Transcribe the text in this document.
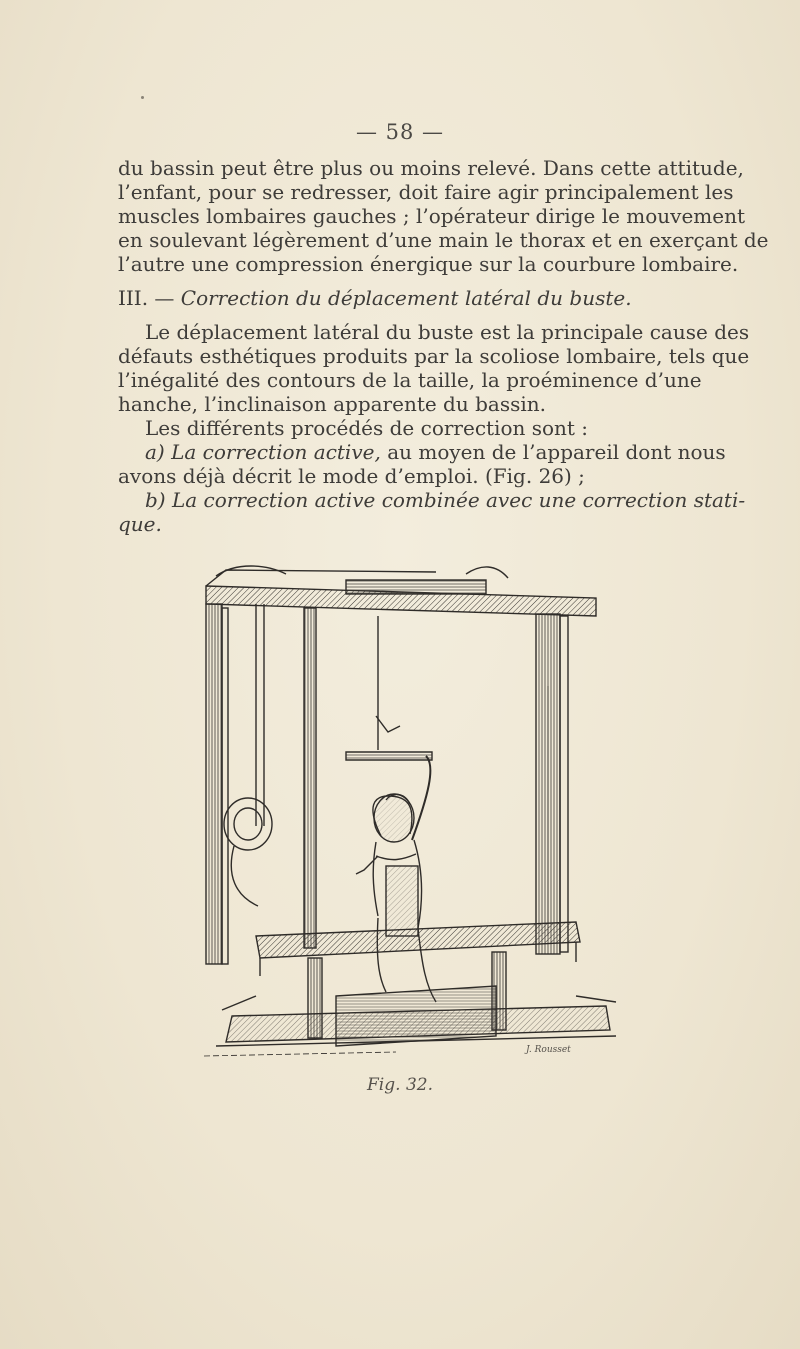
— 58 —
du bassin peut être plus ou moins relevé. Dans cette attitude,
l’enfant, pour se redresser, doit faire agir principalement les
muscles lombaires gauches ; l’opérateur dirige le mouvement
en soulevant légèrement d’une main le thorax et en exerçant de
l’autre une compression énergique sur la courbure lombaire.
III. — Correction du déplacement latéral du buste.
Le déplacement latéral du buste est la principale cause des
défauts esthétiques produits par la scoliose lombaire, tels que
l’inégalité des contours de la taille, la proéminence d’une
hanche, l’inclinaison apparente du bassin.
Les différents procédés de correction sont :
a) La correction active, au moyen de l’appareil dont nous
avons déjà décrit le mode d’emploi. (Fig. 26) ;
b) La correction active combinée avec une correction stati-
que.
J. Rousset
Fig. 32.
